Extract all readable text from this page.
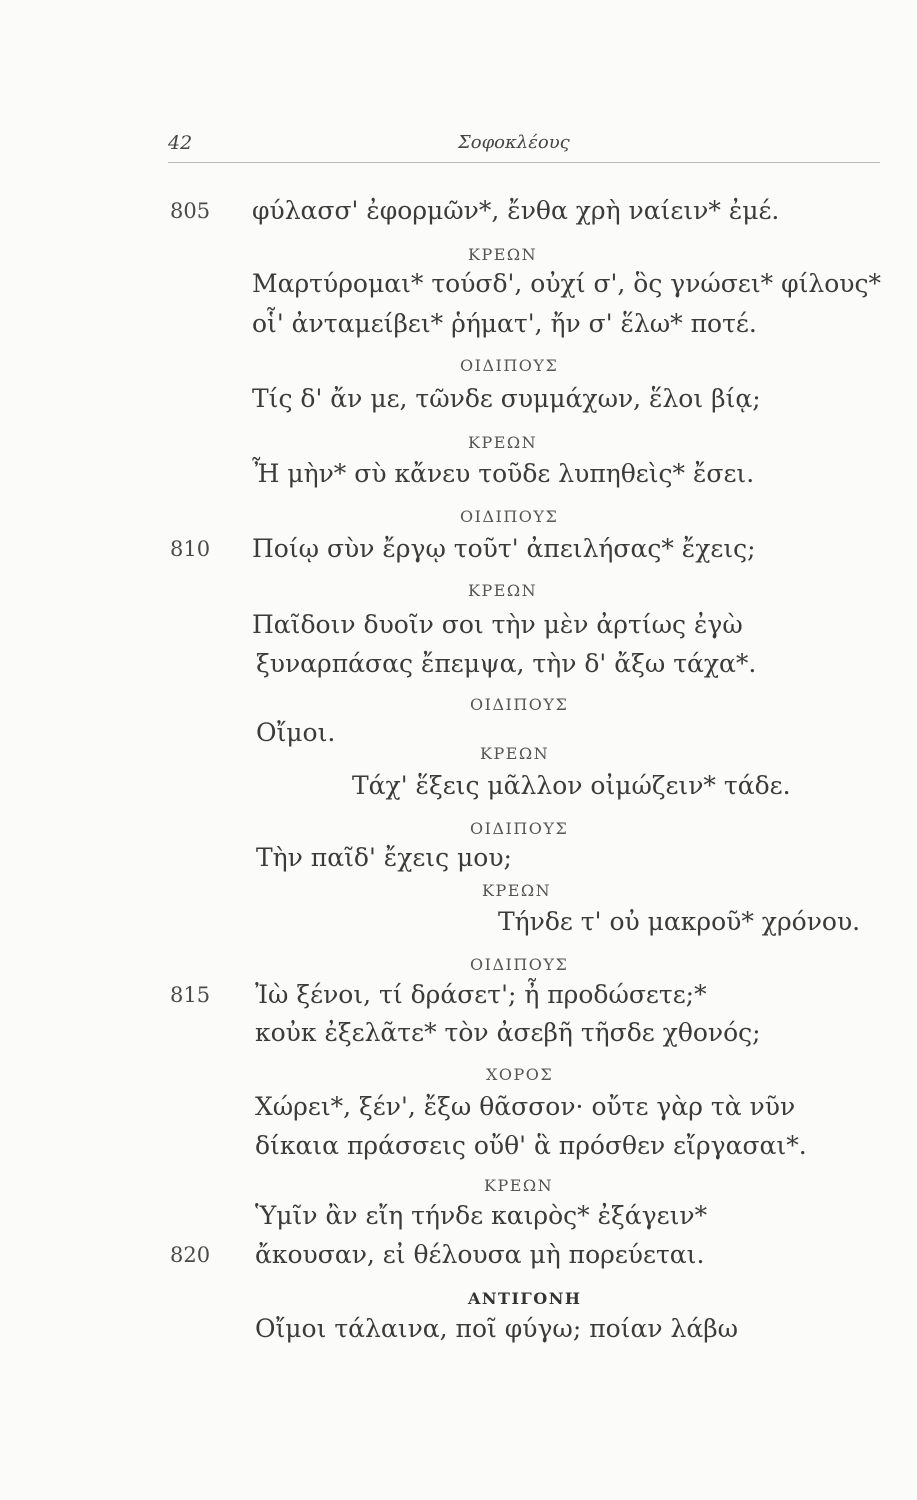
42	Σοφοκλέους
805 φύλασσ' ἐφορμῶν*, ἔνθα χρὴ ναίειν* ἐμέ.
ΚΡΕΩΝ
Μαρτύρομαι* τούσδ', οὐχί σ', ὃς γνώσει* φίλους*
οἷ' ἀνταμείβει* ῥήματ', ἤν σ' ἕλω* ποτέ.
ΟΙΔΙΠΟΥΣ
Τίς δ' ἄν με, τῶνδε συμμάχων, ἕλοι βίᾳ;
ΚΡΕΩΝ
Ἦ μὴν* σὺ κἄνευ τοῦδε λυπηθεὶς* ἔσει.
ΟΙΔΙΠΟΥΣ
810 Ποίῳ σὺν ἔργῳ τοῦτ' ἀπειλήσας* ἔχεις;
ΚΡΕΩΝ
Παῖδοιν δυοῖν σοι τὴν μὲν ἀρτίως ἐγὼ
ξυναρπάσας ἔπεμψα, τὴν δ' ἄξω τάχα*.
ΟΙΔΙΠΟΥΣ
Οἴμοι.
ΚΡΕΩΝ
Τάχ' ἕξεις μᾶλλον οἰμώζειν* τάδε.
ΟΙΔΙΠΟΥΣ
Τὴν παῖδ' ἔχεις μου;
ΚΡΕΩΝ
Τήνδε τ' οὐ μακροῦ* χρόνου.
ΟΙΔΙΠΟΥΣ
815 Ἰὼ ξένοι, τί δράσετ'; ἦ προδώσετε;*
κοὐκ ἐξελᾶτε* τὸν ἀσεβῆ τῆσδε χθονός;
ΧΟΡΟΣ
Χώρει*, ξέν', ἔξω θᾶσσον· οὔτε γὰρ τὰ νῦν
δίκαια πράσσεις οὔθ' ἃ πρόσθεν εἴργασαι*.
ΚΡΕΩΝ
Ὑμῖν ἂν εἴη τήνδε καιρὸς* ἐξάγειν*
820 ἄκουσαν, εἰ θέλουσα μὴ πορεύεται.
ΑΝΤΙΓΟΝΗ
Οἴμοι τάλαινα, ποῖ φύγω; ποίαν λάβω
